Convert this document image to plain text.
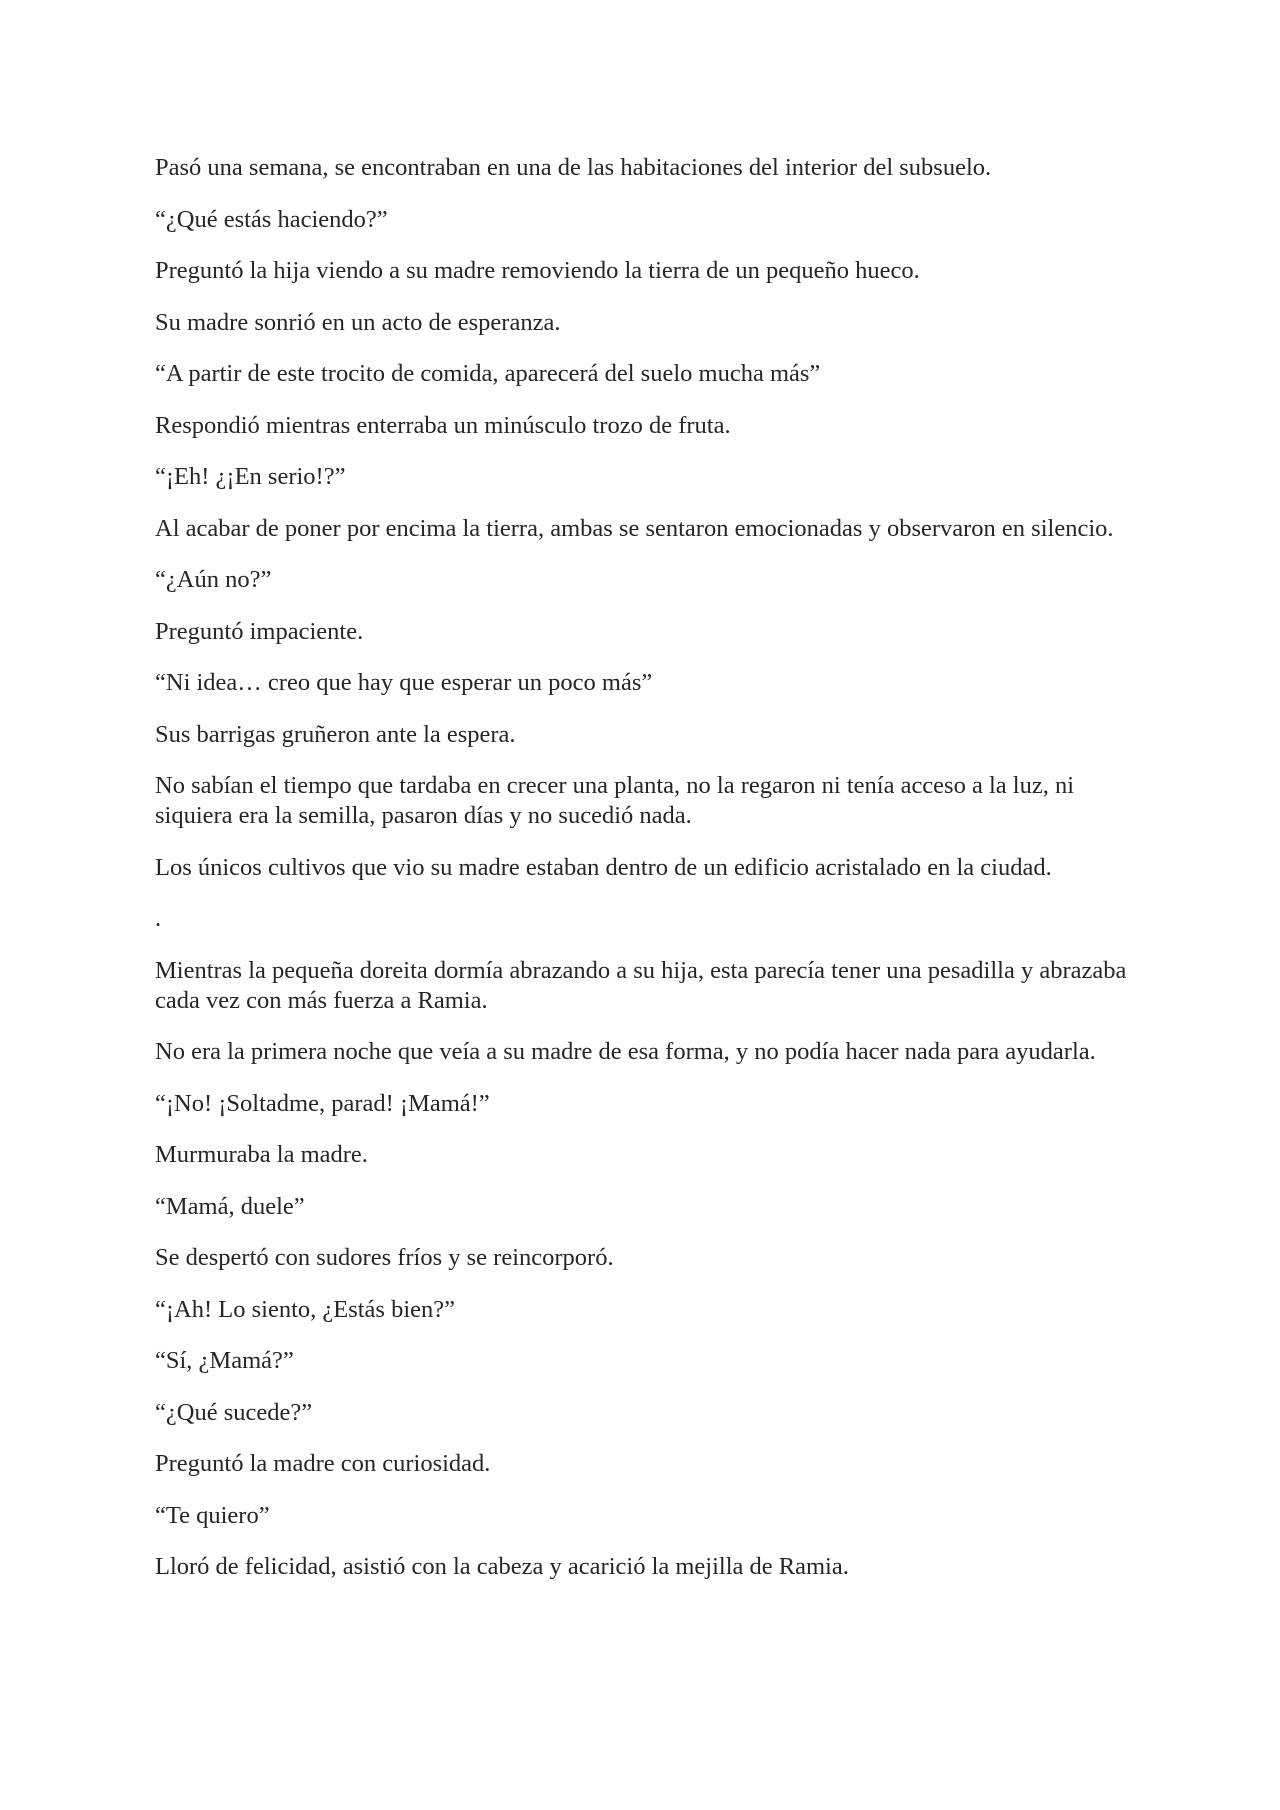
Pasó una semana, se encontraban en una de las habitaciones del interior del subsuelo.

“¿Qué estás haciendo?”

Preguntó la hija viendo a su madre removiendo la tierra de un pequeño hueco.

Su madre sonrió en un acto de esperanza.

“A partir de este trocito de comida, aparecerá del suelo mucha más”

Respondió mientras enterraba un minúsculo trozo de fruta.

“¡Eh! ¿¡En serio!?”

Al acabar de poner por encima la tierra, ambas se sentaron emocionadas y observaron en silencio.

“¿Aún no?”

Preguntó impaciente.

“Ni idea… creo que hay que esperar un poco más”

Sus barrigas gruñeron ante la espera.

No sabían el tiempo que tardaba en crecer una planta, no la regaron ni tenía acceso a la luz, ni siquiera era la semilla, pasaron días y no sucedió nada.

Los únicos cultivos que vio su madre estaban dentro de un edificio acristalado en la ciudad.

.

Mientras la pequeña doreita dormía abrazando a su hija, esta parecía tener una pesadilla y abrazaba cada vez con más fuerza a Ramia.

No era la primera noche que veía a su madre de esa forma, y no podía hacer nada para ayudarla.

“¡No! ¡Soltadme, parad! ¡Mamá!”

Murmuraba la madre.

“Mamá, duele”

Se despertó con sudores fríos y se reincorporó.

“¡Ah! Lo siento, ¿Estás bien?”

“Sí, ¿Mamá?”

“¿Qué sucede?”

Preguntó la madre con curiosidad.

“Te quiero”

Lloró de felicidad, asistió con la cabeza y acarició la mejilla de Ramia.
